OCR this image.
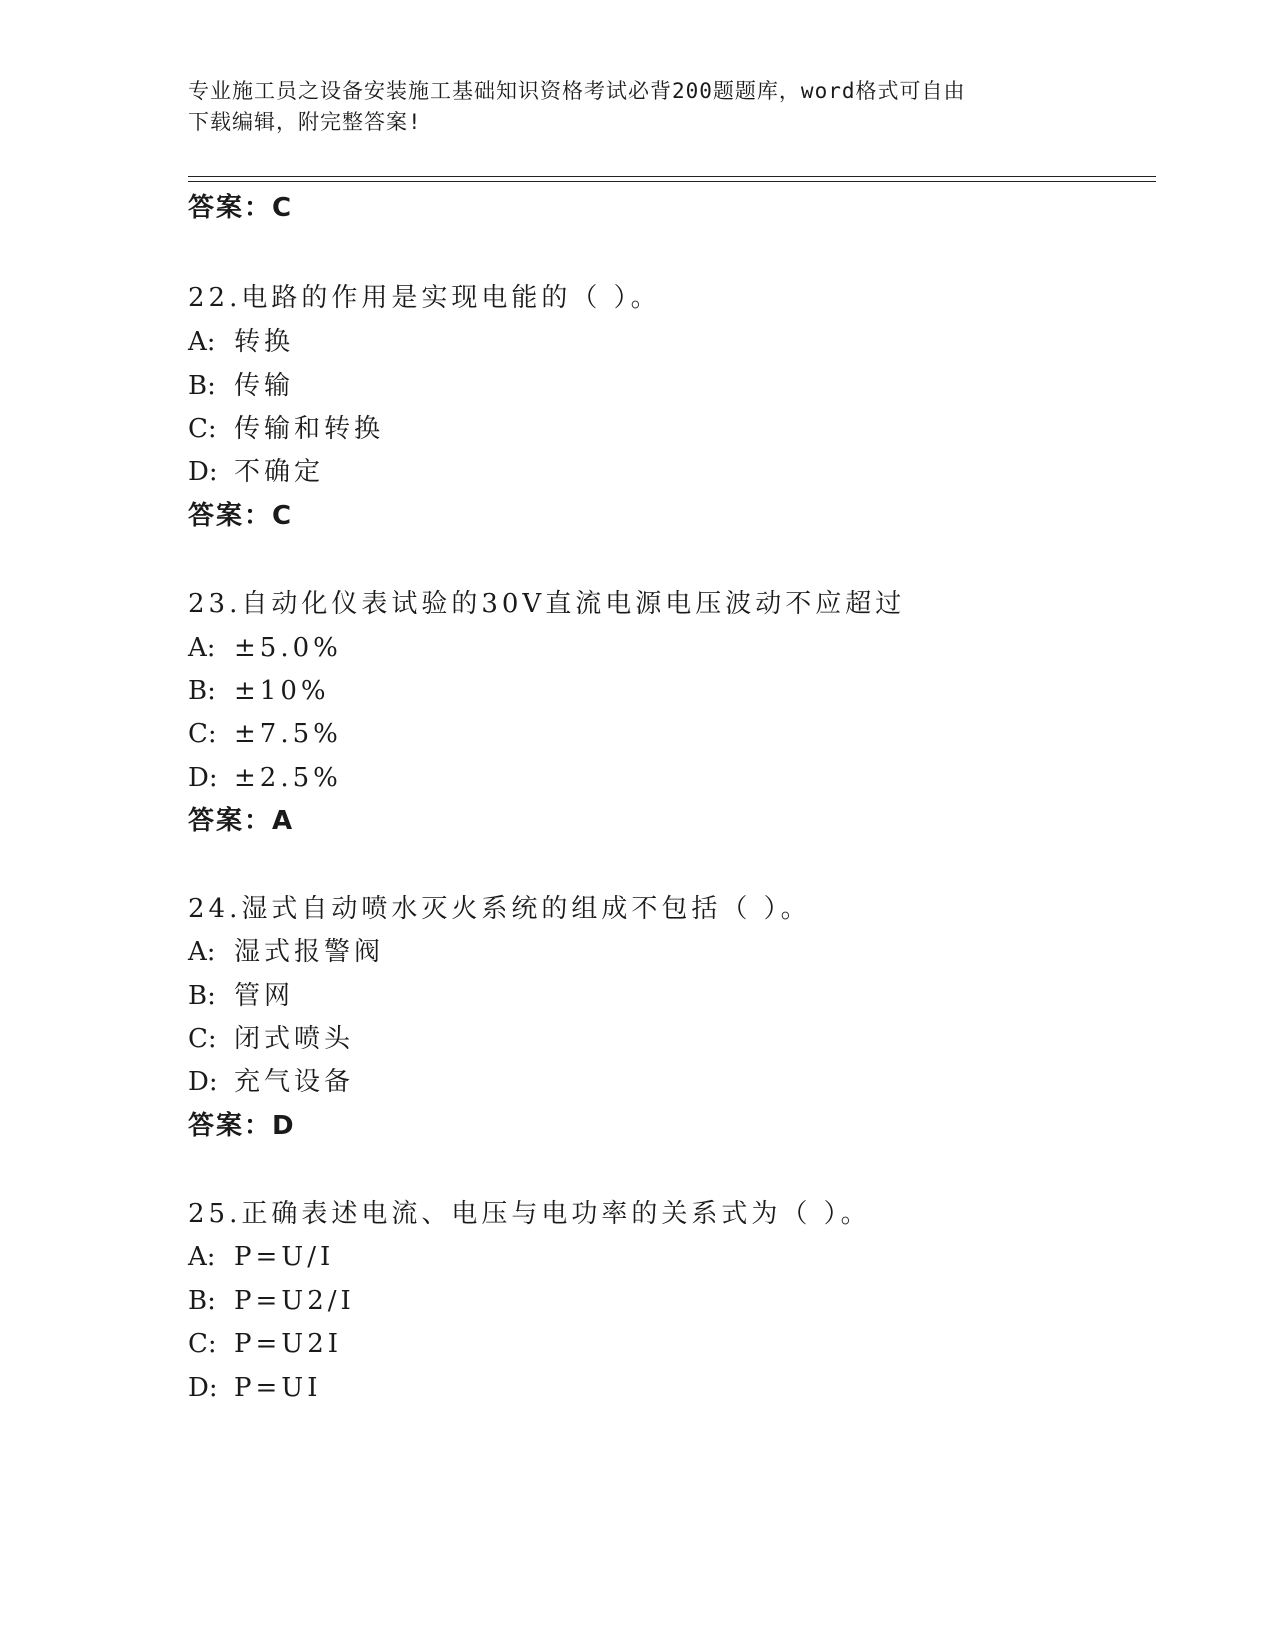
专业施工员之设备安装施工基础知识资格考试必背200题题库，word格式可自由
下载编辑，附完整答案!
答案：C
22.电路的作用是实现电能的（ ）。
A: 转换
B: 传输
C: 传输和转换
D: 不确定
答案：C
23.自动化仪表试验的30V直流电源电压波动不应超过
A: ±5.0%
B: ±10%
C: ±7.5%
D: ±2.5%
答案：A
24.湿式自动喷水灭火系统的组成不包括（ ）。
A: 湿式报警阀
B: 管网
C: 闭式喷头
D: 充气设备
答案：D
25.正确表述电流、电压与电功率的关系式为（ ）。
A: P=U/I
B: P=U2/I
C: P=U2I
D: P=UI
